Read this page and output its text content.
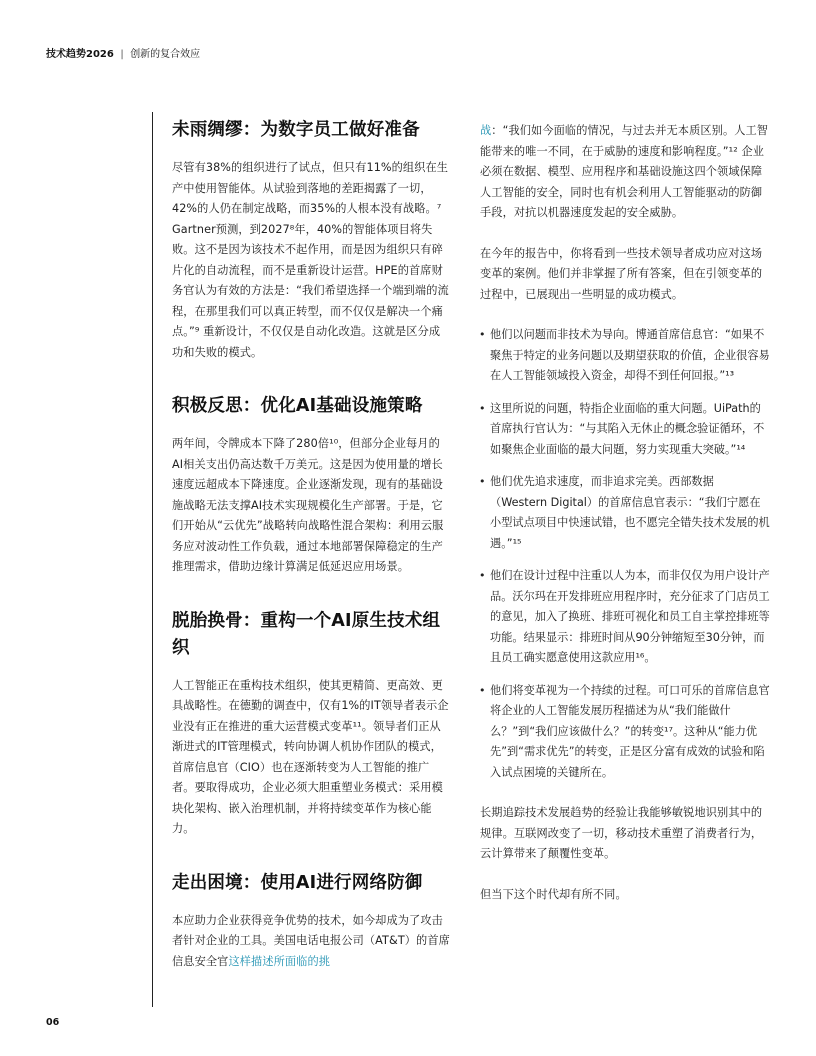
技术趋势2026 | 创新的复合效应
未雨绸缪：为数字员工做好准备

尽管有38%的组织进行了试点，但只有11%的组织在生产中使用智能体。从试验到落地的差距揭露了一切，42%的人仍在制定战略，而35%的人根本没有战略。⁷ Gartner预测，到2027⁸年，40%的智能体项目将失败。这不是因为该技术不起作用，而是因为组织只有碎片化的自动流程，而不是重新设计运营。HPE的首席财务官认为有效的方法是：“我们希望选择一个端到端的流程，在那里我们可以真正转型，而不仅仅是解决一个痛点。”⁹ 重新设计，不仅仅是自动化改造。这就是区分成功和失败的模式。

积极反思：优化AI基础设施策略

两年间，令牌成本下降了280倍¹⁰，但部分企业每月的AI相关支出仍高达数千万美元。这是因为使用量的增长速度远超成本下降速度。企业逐渐发现，现有的基础设施战略无法支撑AI技术实现规模化生产部署。于是，它们开始从“云优先”战略转向战略性混合架构：利用云服务应对波动性工作负载，通过本地部署保障稳定的生产推理需求，借助边缘计算满足低延迟应用场景。

脱胎换骨：重构一个AI原生技术组织

人工智能正在重构技术组织，使其更精简、更高效、更具战略性。在德勤的调查中，仅有1%的IT领导者表示企业没有正在推进的重大运营模式变革¹¹。领导者们正从渐进式的IT管理模式，转向协调人机协作团队的模式，首席信息官（CIO）也在逐渐转变为人工智能的推广者。要取得成功，企业必须大胆重塑业务模式：采用模块化架构、嵌入治理机制，并将持续变革作为核心能力。

走出困境：使用AI进行网络防御

本应助力企业获得竞争优势的技术，如今却成为了攻击者针对企业的工具。美国电话电报公司（AT&T）的首席信息安全官这样描述所面临的挑

战：“我们如今面临的情况，与过去并无本质区别。人工智能带来的唯一不同，在于威胁的速度和影响程度。”¹² 企业必须在数据、模型、应用程序和基础设施这四个领域保障人工智能的安全，同时也有机会利用人工智能驱动的防御手段，对抗以机器速度发起的安全威胁。

在今年的报告中，你将看到一些技术领导者成功应对这场变革的案例。他们并非掌握了所有答案，但在引领变革的过程中，已展现出一些明显的成功模式。

• 他们以问题而非技术为导向。博通首席信息官：“如果不聚焦于特定的业务问题以及期望获取的价值，企业很容易在人工智能领域投入资金，却得不到任何回报。”¹³
• 这里所说的问题，特指企业面临的重大问题。UiPath的首席执行官认为：“与其陷入无休止的概念验证循环，不如聚焦企业面临的最大问题，努力实现重大突破。”¹⁴
• 他们优先追求速度，而非追求完美。西部数据（Western Digital）的首席信息官表示：“我们宁愿在小型试点项目中快速试错，也不愿完全错失技术发展的机遇。”¹⁵
• 他们在设计过程中注重以人为本，而非仅仅为用户设计产品。沃尔玛在开发排班应用程序时，充分征求了门店员工的意见，加入了换班、排班可视化和员工自主掌控排班等功能。结果显示：排班时间从90分钟缩短至30分钟，而且员工确实愿意使用这款应用¹⁶。
• 他们将变革视为一个持续的过程。可口可乐的首席信息官将企业的人工智能发展历程描述为从“我们能做什么？”到“我们应该做什么？”的转变¹⁷。这种从“能力优先”到“需求优先”的转变，正是区分富有成效的试验和陷入试点困境的关键所在。

长期追踪技术发展趋势的经验让我能够敏锐地识别其中的规律。互联网改变了一切，移动技术重塑了消费者行为，云计算带来了颠覆性变革。

但当下这个时代却有所不同。

06
